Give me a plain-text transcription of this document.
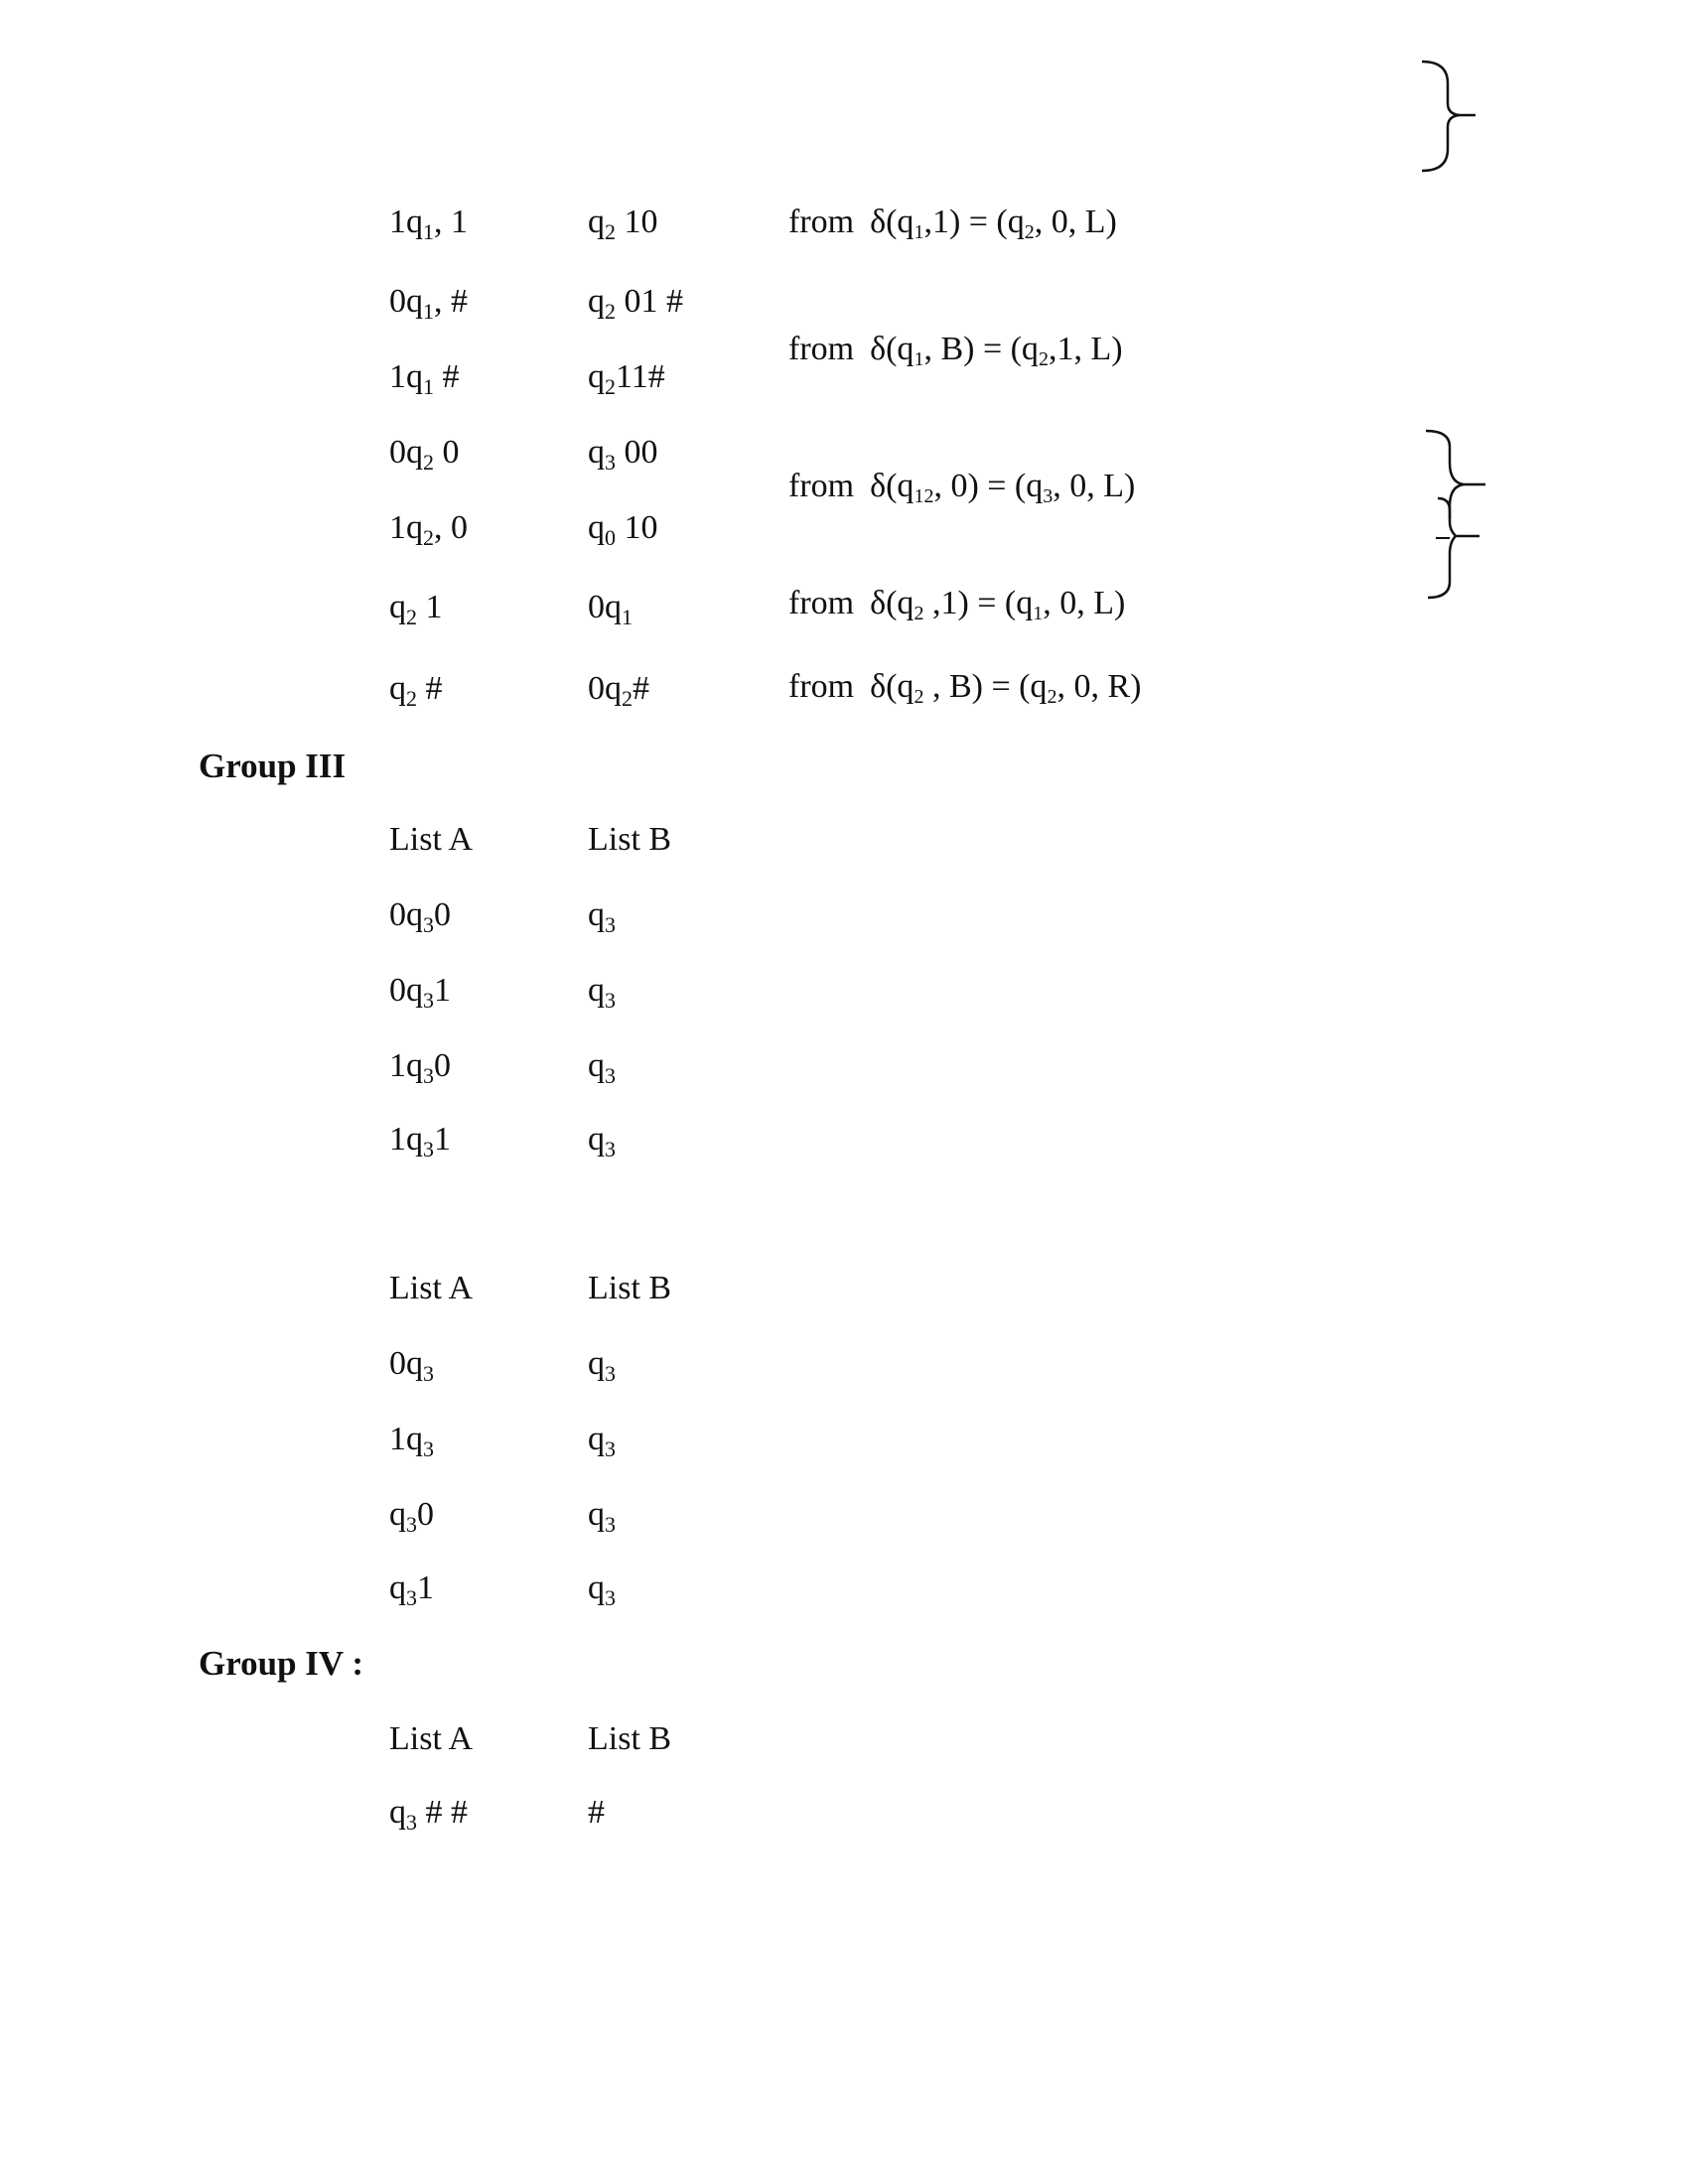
$1q_1$, 1	$q_2$ 10
$0q_1$, #	$q_2$ 01 #
$1q_1$ #	$q_211\#$
$0q_2$ 0	$q_3$ 00
$1q_2$, 0	$q_0$ 10
$q_2$ 1	$0q_1$
$q_2$ #	$0q_2\#$
from δ(q1,1) = (q2, 0, L)
from δ(q1, B) = (q2,1, L)
from δ(q12, 0) = (q3, 0, L)
from δ(q2 ,1) = (q1, 0, L)
from δ(q2 , B) = (q2, 0, R)
Group III
List A	List B
$0q_30$	$q_3$
$0q_31$	$q_3$
$1q_30$	$q_3$
$1q_31$	$q_3$
List A	List B
$0q_3$	$q_3$
$1q_3$	$q_3$
$q_30$	$q_3$
$q_31$	$q_3$
Group IV :
List A	List B
$q_3$ # #	#
